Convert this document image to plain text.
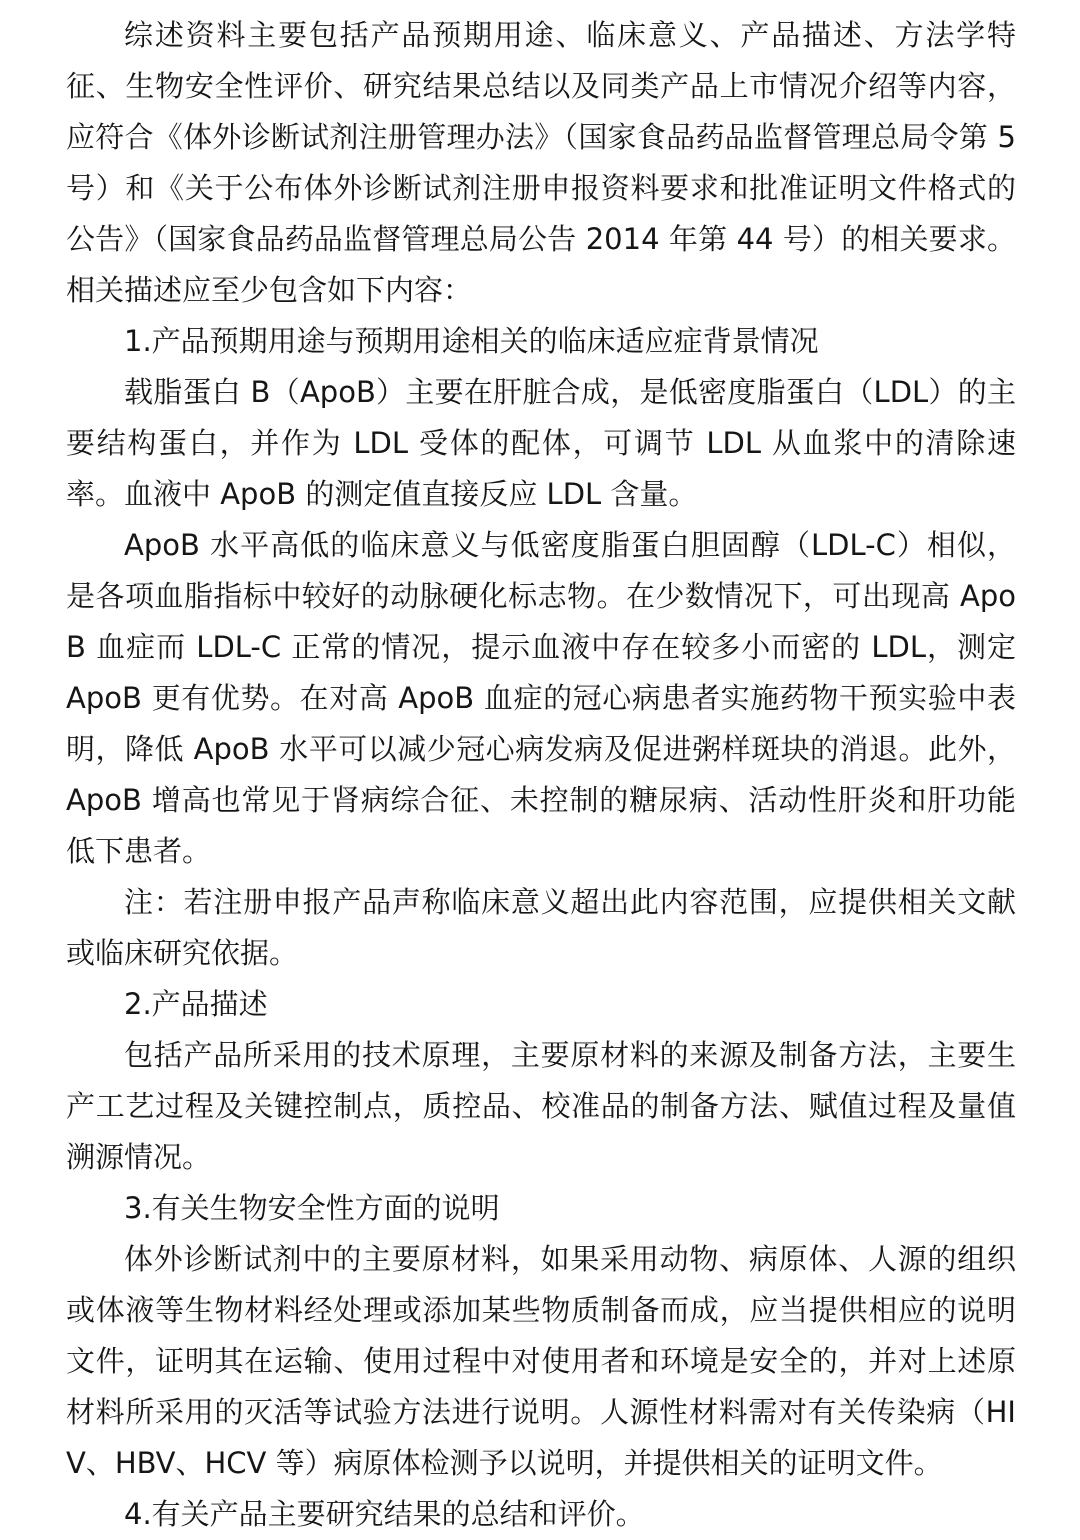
综述资料主要包括产品预期用途、临床意义、产品描述、方法学特征、生物安全性评价、研究结果总结以及同类产品上市情况介绍等内容，应符合《体外诊断试剂注册管理办法》（国家食品药品监督管理总局令第 5 号）和《关于公布体外诊断试剂注册申报资料要求和批准证明文件格式的公告》（国家食品药品监督管理总局公告 2014 年第 44 号）的相关要求。相关描述应至少包含如下内容：

1.产品预期用途与预期用途相关的临床适应症背景情况

载脂蛋白 B（ApoB）主要在肝脏合成，是低密度脂蛋白（LDL）的主要结构蛋白，并作为 LDL 受体的配体，可调节 LDL 从血浆中的清除速率。血液中 ApoB 的测定值直接反应 LDL 含量。

ApoB 水平高低的临床意义与低密度脂蛋白胆固醇（LDL-C）相似，是各项血脂指标中较好的动脉硬化标志物。在少数情况下，可出现高 ApoB 血症而 LDL-C 正常的情况，提示血液中存在较多小而密的 LDL，测定 ApoB 更有优势。在对高 ApoB 血症的冠心病患者实施药物干预实验中表明，降低 ApoB 水平可以减少冠心病发病及促进粥样斑块的消退。此外，ApoB 增高也常见于肾病综合征、未控制的糖尿病、活动性肝炎和肝功能低下患者。

注：若注册申报产品声称临床意义超出此内容范围，应提供相关文献或临床研究依据。

2.产品描述

包括产品所采用的技术原理，主要原材料的来源及制备方法，主要生产工艺过程及关键控制点，质控品、校准品的制备方法、赋值过程及量值溯源情况。

3.有关生物安全性方面的说明

体外诊断试剂中的主要原材料，如果采用动物、病原体、人源的组织或体液等生物材料经处理或添加某些物质制备而成，应当提供相应的说明文件，证明其在运输、使用过程中对使用者和环境是安全的，并对上述原材料所采用的灭活等试验方法进行说明。人源性材料需对有关传染病（HIV、HBV、HCV 等）病原体检测予以说明，并提供相关的证明文件。

4.有关产品主要研究结果的总结和评价。
